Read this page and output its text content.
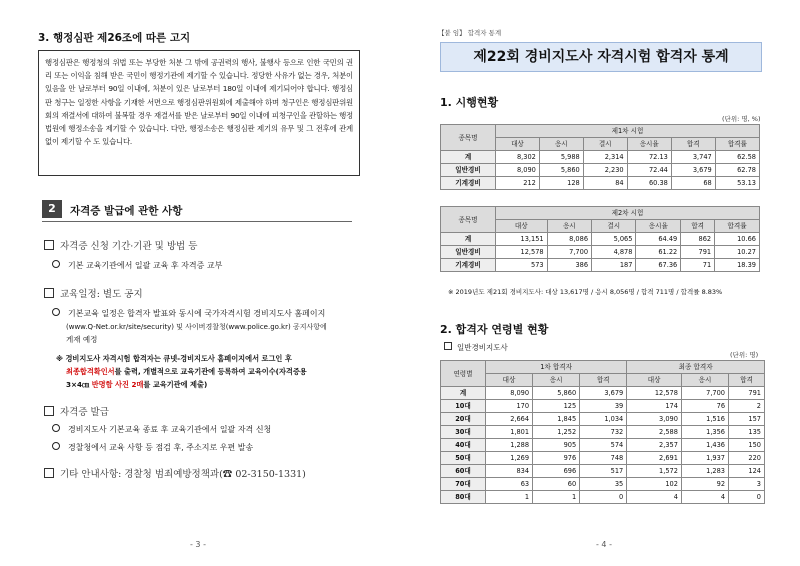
3. 행정심판 제26조에 따른 고지
행정심판은 행정청의 위법 또는 부당한 처분 그 밖에 공권력의 행사, 불행사 등으로 인한 국민의 권리 또는 이익을 침해 받은 국민이 행정기관에 제기할 수 있습니다. 정당한 사유가 없는 경우, 처분이 있음을 안 날로부터 90일 이내에, 처분이 있은 날로부터 180일 이내에 제기되어야 합니다. 행정심판 청구는 일정한 사항을 기재한 서면으로 행정심판위원회에 제출해야 하며 청구인은 행정심판위원회의 재결서에 대하여 불복할 경우 재결서를 받은 날로부터 90일 이내에 피청구인을 관할하는 행정법원에 행정소송을 제기할 수 있습니다. 다만, 행정소송은 행정심판 제기의 유무 및 그 전후에 관계없이 제기할 수 도 있습니다.
2	자격증 발급에 관한 사항
자격증 신청 기간·기관 및 방법 등
기본 교육기관에서 일괄 교육 후 자격증 교부
교육일정: 별도 공지
기본교육 일정은 합격자 발표와 동시에 국가자격시험 경비지도사 홈페이지
(www.Q-Net.or.kr/site/security) 및 사이버경찰청(www.police.go.kr) 공지사항에
게재 예정
※ 경비지도사 자격시험 합격자는 큐넷-경비지도사 홈페이지에서 로그인 후
최종합격확인서를 출력, 개별적으로 교육기관에 등록하여 교육이수(자격증용
3×4㎝ 반명함 사진 2매를 교육기관에 제출)
자격증 발급
경비지도사 기본교육 종료 후 교육기관에서 일괄 자격 신청
경찰청에서 교육 사항 등 점검 후, 주소지로 우편 발송
기타 안내사항: 경찰청 범죄예방정책과(☎ 02-3150-1331)
- 3 -
【붙 임】 합격자 통계
제22회 경비지도사 자격시험 합격자 통계
1. 시행현황
(단위: 명, %)
종목명	제1차 시험					
	대상	응시	결시	응시율	합격	합격률
계	8,302	5,988	2,314	72.13	3,747	62.58
일반경비	8,090	5,860	2,230	72.44	3,679	62.78
기계경비	212	128	84	60.38	68	53.13
종목명	제2차 시험					
	대상	응시	결시	응시율	합격	합격률
계	13,151	8,086	5,065	64.49	862	10.66
일반경비	12,578	7,700	4,878	61.22	791	10.27
기계경비	573	386	187	67.36	71	18.39
※ 2019년도 제21회 경비지도사: 대상 13,617명 / 응시 8,056명 / 합격 711명 / 합격률 8.83%
2. 합격자 연령별 현황
일반경비지도사
(단위: 명)
연령별	1차 합격자			최종 합격자		
	대상	응시	합격	대상	응시	합격
계	8,090	5,860	3,679	12,578	7,700	791
10대	170	125	39	174	76	2
20대	2,664	1,845	1,034	3,090	1,516	157
30대	1,801	1,252	732	2,588	1,356	135
40대	1,288	905	574	2,357	1,436	150
50대	1,269	976	748	2,691	1,937	220
60대	834	696	517	1,572	1,283	124
70대	63	60	35	102	92	3
80대	1	1	0	4	4	0
- 4 -
